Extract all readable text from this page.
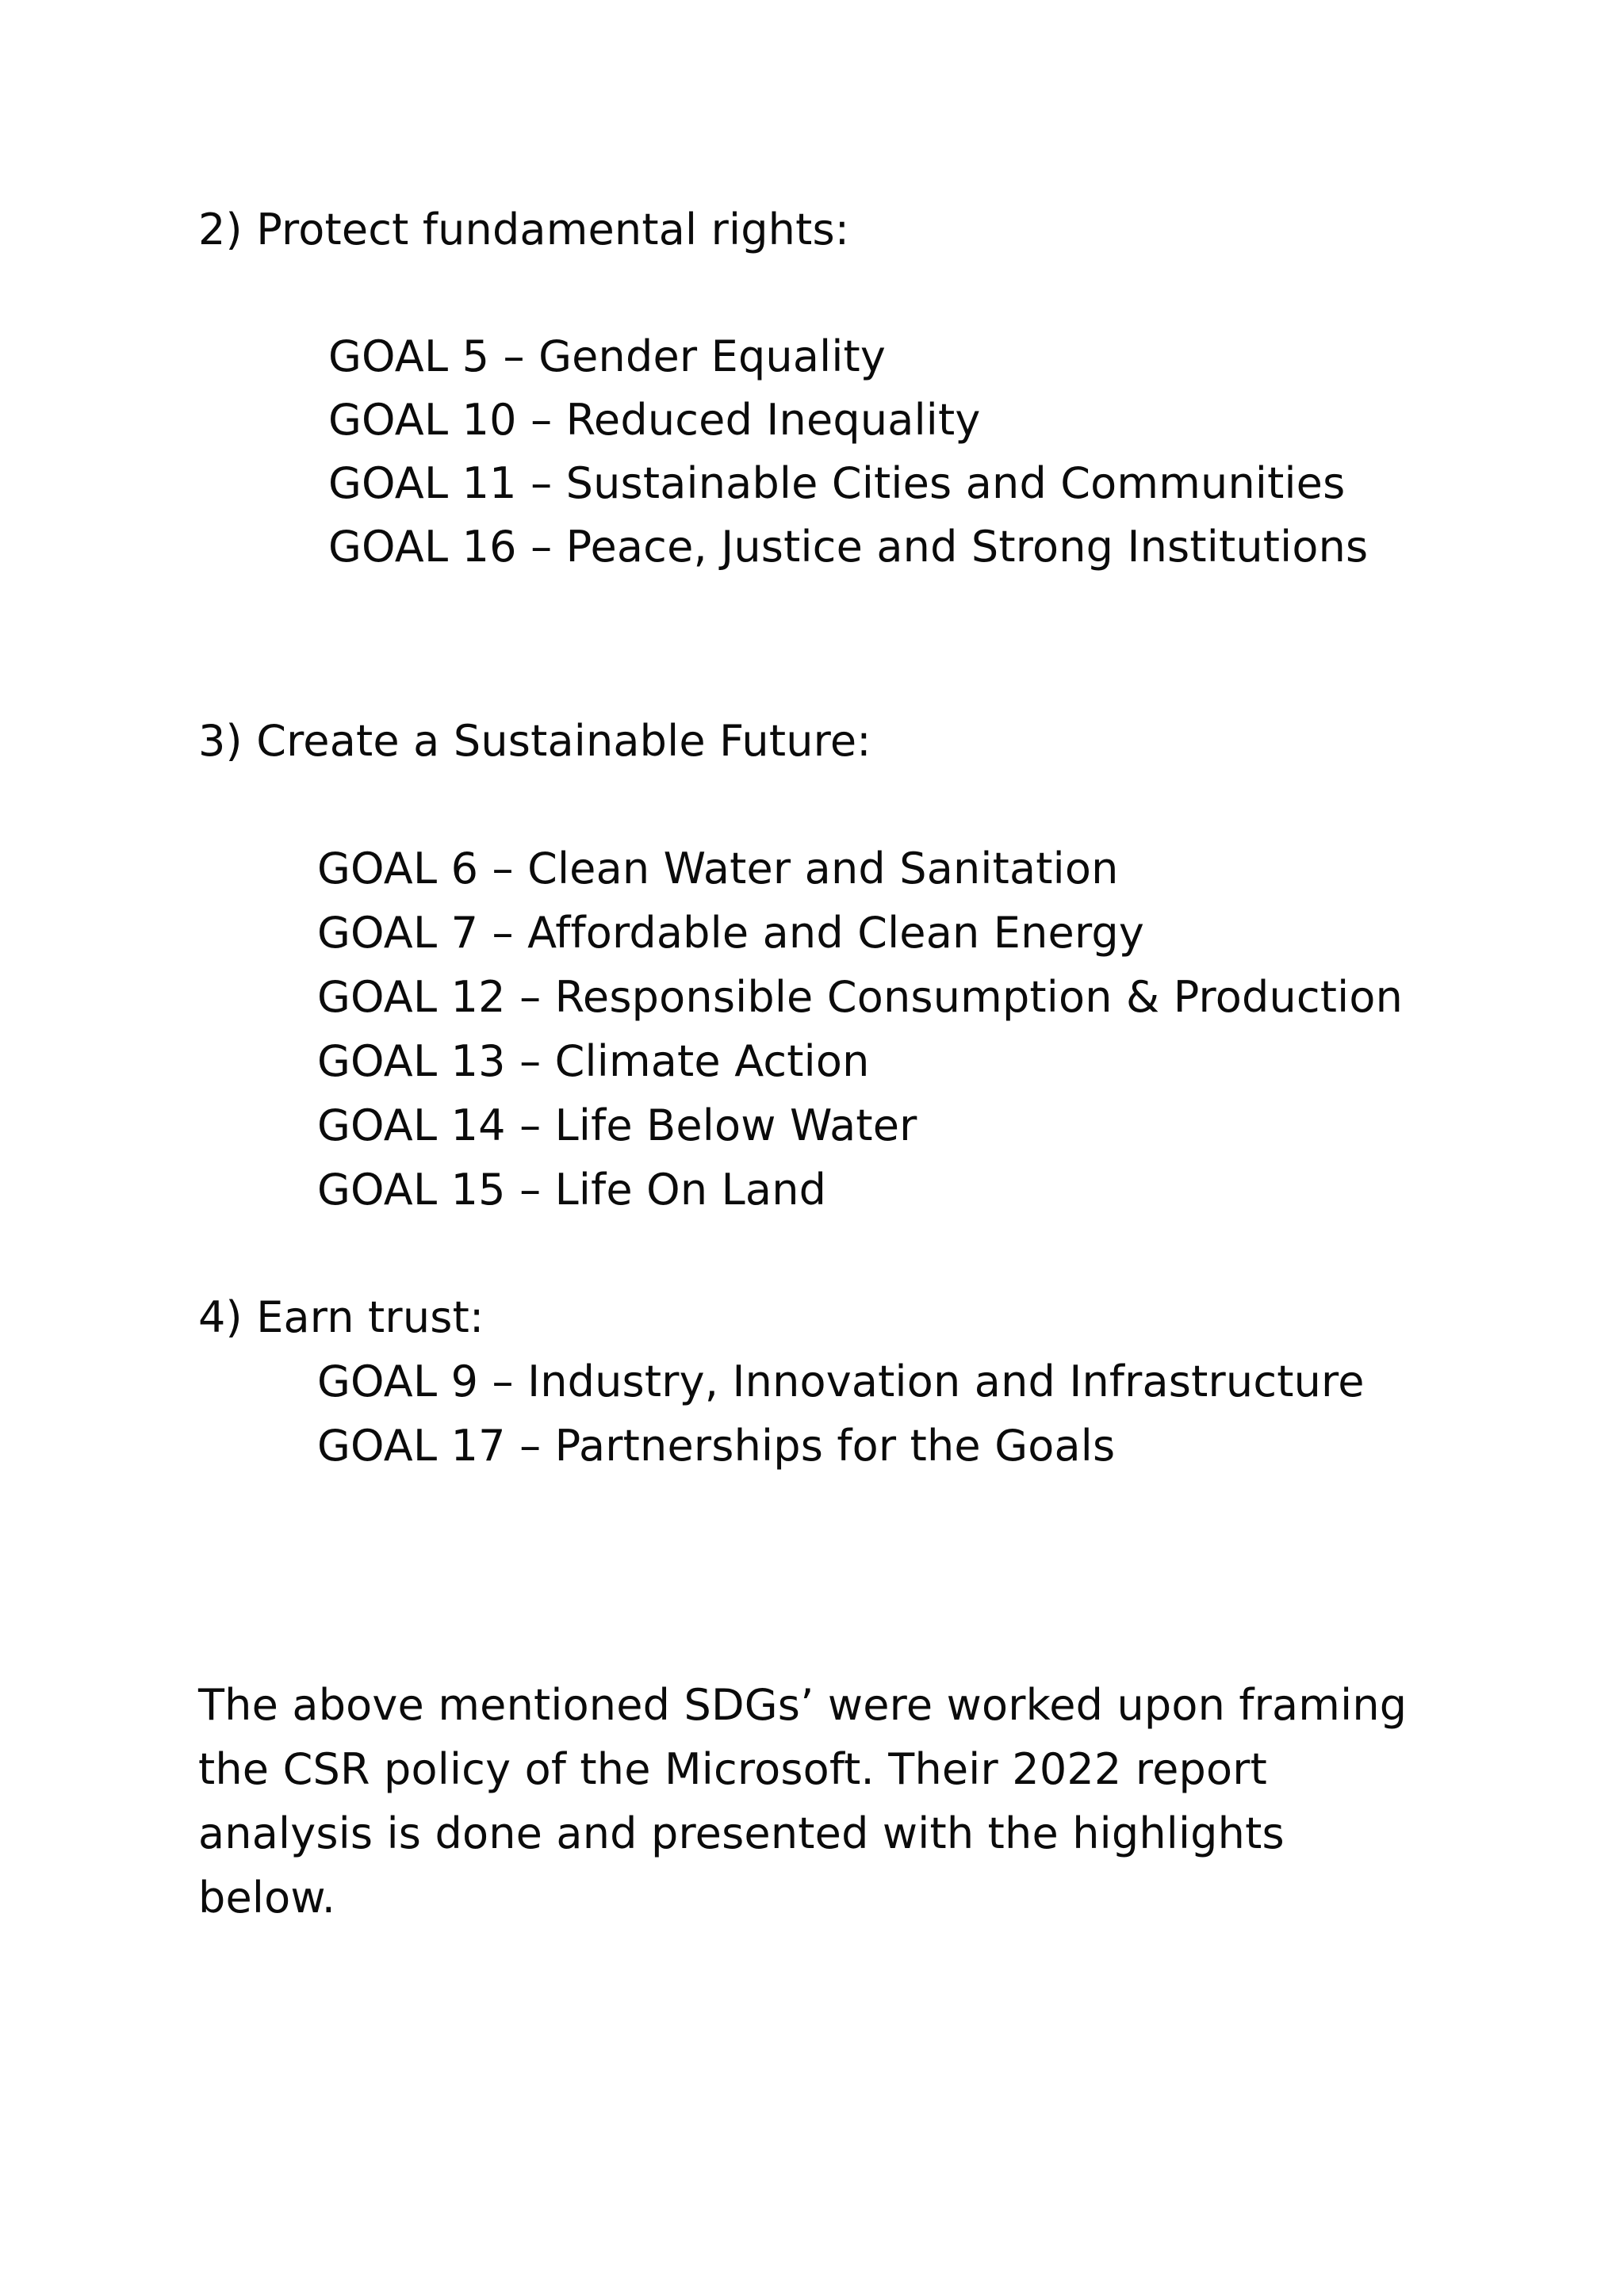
2) Protect fundamental rights:
GOAL 5 – Gender Equality
GOAL 10 – Reduced Inequality
GOAL 11 – Sustainable Cities and Communities
GOAL 16 – Peace, Justice and Strong Institutions
3) Create a Sustainable Future:
GOAL 6 – Clean Water and Sanitation
GOAL 7 – Affordable and Clean Energy
GOAL 12 – Responsible Consumption & Production
GOAL 13 – Climate Action
GOAL 14 – Life Below Water
GOAL 15 – Life On Land
4) Earn trust:
GOAL 9 – Industry, Innovation and Infrastructure
GOAL 17 – Partnerships for the Goals
The above mentioned SDGs’ were worked upon framing
the CSR policy of the Microsoft. Their 2022 report
analysis is done and presented with the highlights
below.
